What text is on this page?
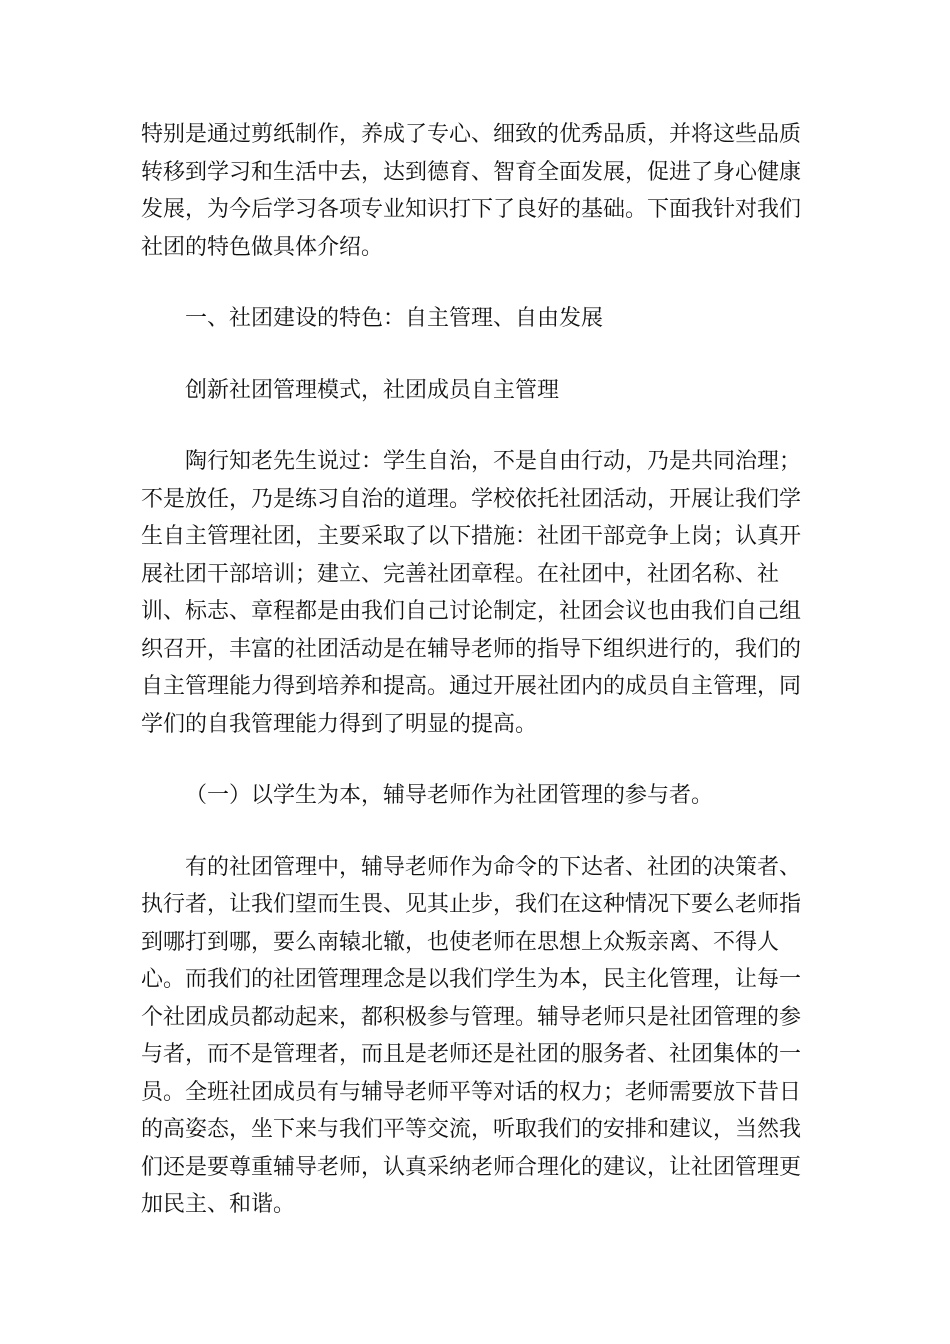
特别是通过剪纸制作，养成了专心、细致的优秀品质，并将这些品质转移到学习和生活中去，达到德育、智育全面发展，促进了身心健康发展，为今后学习各项专业知识打下了良好的基础。下面我针对我们社团的特色做具体介绍。

一、社团建设的特色：自主管理、自由发展

创新社团管理模式，社团成员自主管理

陶行知老先生说过：学生自治，不是自由行动，乃是共同治理；不是放任，乃是练习自治的道理。学校依托社团活动，开展让我们学生自主管理社团，主要采取了以下措施：社团干部竞争上岗；认真开展社团干部培训；建立、完善社团章程。在社团中，社团名称、社训、标志、章程都是由我们自己讨论制定，社团会议也由我们自己组织召开，丰富的社团活动是在辅导老师的指导下组织进行的，我们的自主管理能力得到培养和提高。通过开展社团内的成员自主管理，同学们的自我管理能力得到了明显的提高。

（一）以学生为本，辅导老师作为社团管理的参与者。

有的社团管理中，辅导老师作为命令的下达者、社团的决策者、执行者，让我们望而生畏、见其止步，我们在这种情况下要么老师指到哪打到哪，要么南辕北辙，也使老师在思想上众叛亲离、不得人心。而我们的社团管理理念是以我们学生为本，民主化管理，让每一个社团成员都动起来，都积极参与管理。辅导老师只是社团管理的参与者，而不是管理者，而且是老师还是社团的服务者、社团集体的一员。全班社团成员有与辅导老师平等对话的权力；老师需要放下昔日的高姿态，坐下来与我们平等交流，听取我们的安排和建议，当然我们还是要尊重辅导老师，认真采纳老师合理化的建议，让社团管理更加民主、和谐。
